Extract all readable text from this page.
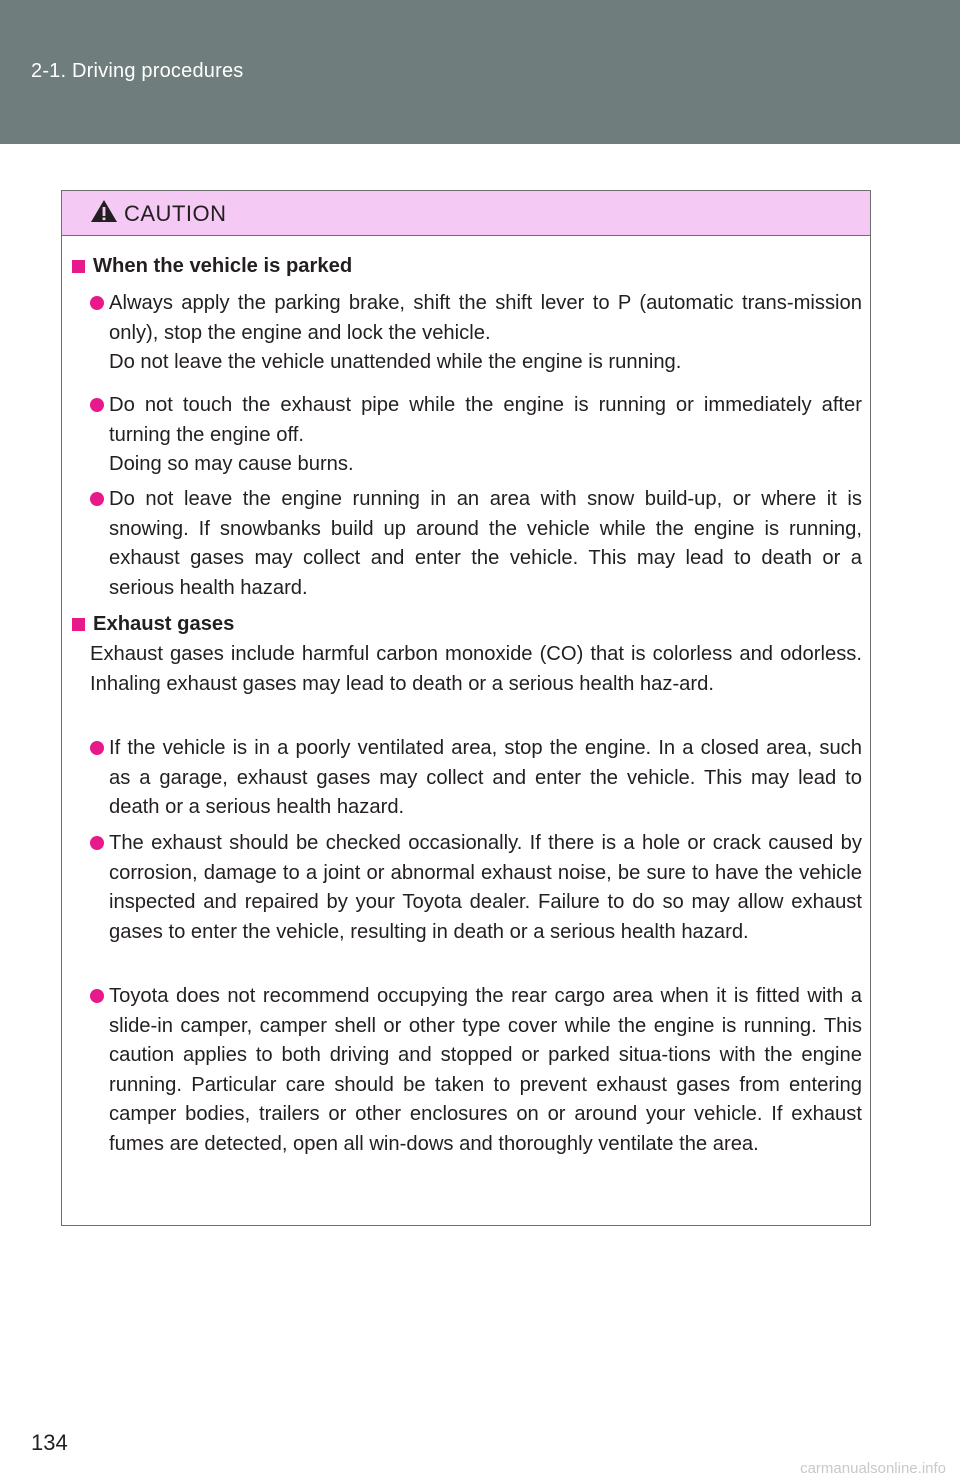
2-1. Driving procedures
CAUTION
When the vehicle is parked
Always apply the parking brake, shift the shift lever to P (automatic trans-mission only), stop the engine and lock the vehicle.
Do not leave the vehicle unattended while the engine is running.
Do not touch the exhaust pipe while the engine is running or immediately after turning the engine off.
Doing so may cause burns.
Do not leave the engine running in an area with snow build-up, or where it is snowing. If snowbanks build up around the vehicle while the engine is running, exhaust gases may collect and enter the vehicle. This may lead to death or a serious health hazard.
Exhaust gases
Exhaust gases include harmful carbon monoxide (CO) that is colorless and odorless. Inhaling exhaust gases may lead to death or a serious health haz-ard.
If the vehicle is in a poorly ventilated area, stop the engine. In a closed area, such as a garage, exhaust gases may collect and enter the vehicle. This may lead to death or a serious health hazard.
The exhaust should be checked occasionally. If there is a hole or crack caused by corrosion, damage to a joint or abnormal exhaust noise, be sure to have the vehicle inspected and repaired by your Toyota dealer. Failure to do so may allow exhaust gases to enter the vehicle, resulting in death or a serious health hazard.
Toyota does not recommend occupying the rear cargo area when it is fitted with a slide-in camper, camper shell or other type cover while the engine is running. This caution applies to both driving and stopped or parked situa-tions with the engine running. Particular care should be taken to prevent exhaust gases from entering camper bodies, trailers or other enclosures on or around your vehicle. If exhaust fumes are detected, open all win-dows and thoroughly ventilate the area.
134
carmanualsonline.info
